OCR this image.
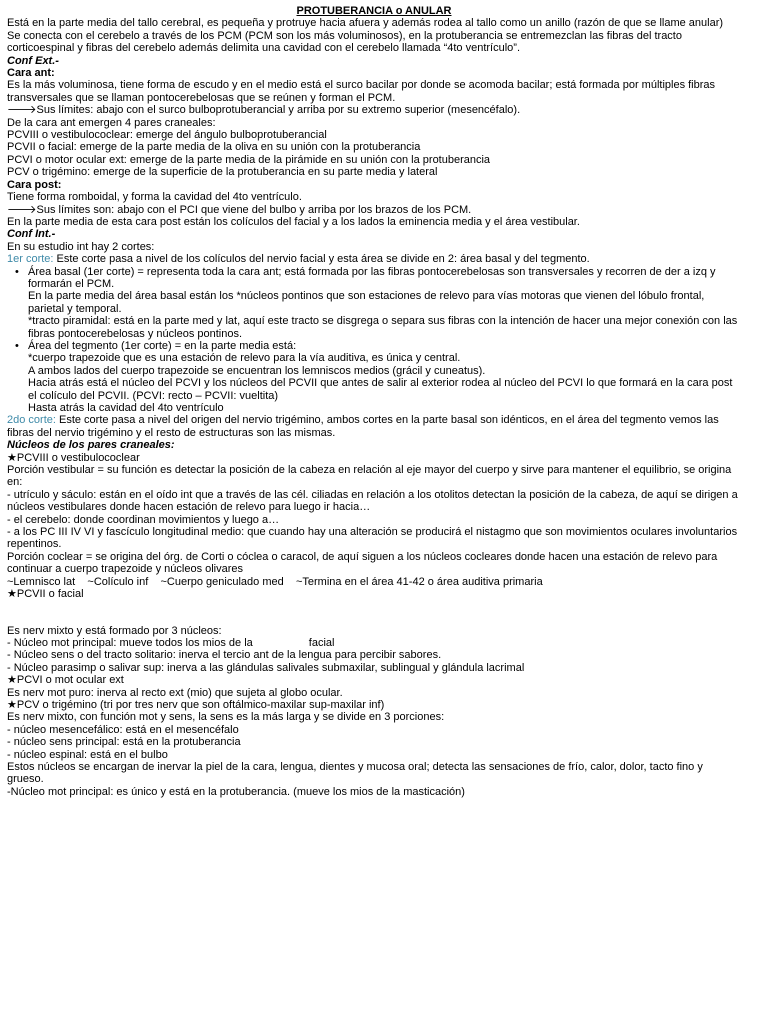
PROTUBERANCIA o ANULAR

Está en la parte media del tallo cerebral, es pequeña y protruye hacia afuera y además rodea al tallo como un anillo (razón de que se llame anular)

Se conecta con el cerebelo a través de los PCM (PCM son los más voluminosos), en la protuberancia se entremezclan las fibras del tracto corticoespinal y fibras del cerebelo además delimita una cavidad con el cerebelo llamada “4to ventrículo”.

Conf Ext.-

Cara ant:

Es la más voluminosa, tiene forma de escudo y en el medio está el surco bacilar por donde se acomoda bacilar; está formada por múltiples fibras transversales que se llaman pontocerebelosas que se reúnen y forman el PCM.

🡒Sus límites: abajo con el surco bulboprotuberancial y arriba por su extremo superior (mesencéfalo).

De la cara ant emergen 4 pares craneales:

PCVIII o vestibulococlear: emerge del ángulo bulboprotuberancial

PCVII o facial: emerge de la parte media de la oliva en su unión con la protuberancia

PCVI o motor ocular ext: emerge de la parte media de la pirámide en su unión con la protuberancia

PCV o trigémino: emerge de la superficie de la protuberancia en su parte media y lateral

Cara post:

Tiene forma romboidal, y forma la cavidad del 4to ventrículo.

🡒Sus límites son: abajo con el PCI que viene del bulbo y arriba por los brazos de los PCM.

En la parte media de esta cara post están los colículos del facial y a los lados la eminencia media y el área vestibular.

Conf Int.-

En su estudio int hay 2 cortes:

1er corte: Este corte pasa a nivel de los colículos del nervio facial y esta área se divide en 2: área basal y del tegmento.

• Área basal (1er corte) = representa toda la cara ant; está formada por las fibras pontocerebelosas son transversales y recorren de der a izq y formarán el PCM.
En la parte media del área basal están los *núcleos pontinos que son estaciones de relevo para vías motoras que vienen del lóbulo frontal, parietal y temporal.
*tracto piramidal: está en la parte med y lat, aquí este tracto se disgrega o separa sus fibras con la intención de hacer una mejor conexión con las fibras pontocerebelosas y núcleos pontinos.
• Área del tegmento (1er corte) = en la parte media está:
*cuerpo trapezoide que es una estación de relevo para la vía auditiva, es única y central.
A ambos lados del cuerpo trapezoide se encuentran los lemniscos medios (grácil y cuneatus).
Hacia atrás está el núcleo del PCVI y los núcleos del PCVII que antes de salir al exterior rodea al núcleo del PCVI lo que formará en la cara post el colículo del PCVII. (PCVI: recto – PCVII: vueltita)
Hasta atrás la cavidad del 4to ventrículo

2do corte: Este corte pasa a nivel del origen del nervio trigémino, ambos cortes en la parte basal son idénticos, en el área del tegmento vemos las fibras del nervio trigémino y el resto de estructuras son las mismas.

Núcleos de los pares craneales:

★PCVIII o vestibulococlear

Porción vestibular = su función es detectar la posición de la cabeza en relación al eje mayor del cuerpo y sirve para mantener el equilibrio, se origina en:

- utrículo y sáculo: están en el oído int que a través de las cél. ciliadas en relación a los otolitos detectan la posición de la cabeza, de aquí se dirigen a núcleos vestibulares donde hacen estación de relevo para luego ir hacia…

- el cerebelo: donde coordinan movimientos y luego a…

- a los PC III IV VI y fascículo longitudinal medio: que cuando hay una alteración se producirá el nistagmo que son movimientos oculares involuntarios repentinos.

Porción coclear = se origina del órg. de Corti o cóclea o caracol, de aquí siguen a los núcleos cocleares donde hacen una estación de relevo para continuar a cuerpo trapezoide y núcleos olivares

~Lemnisco lat ~Colículo inf ~Cuerpo geniculado med ~Termina en el área 41-42 o área auditiva primaria

★PCVII o facial

Es nerv mixto y está formado por 3 núcleos:

- Núcleo mot principal: mueve todos los mios de la	facial

- Núcleo sens o del tracto solitario: inerva el tercio ant de la lengua para percibir sabores.

- Núcleo parasimp o salivar sup: inerva a las glándulas salivales submaxilar, sublingual y glándula lacrimal

★PCVI o mot ocular ext

Es nerv mot puro: inerva al recto ext (mio) que sujeta al globo ocular.

★PCV o trigémino (tri por tres nerv que son oftálmico-maxilar sup-maxilar inf)

Es nerv mixto, con función mot y sens, la sens es la más larga y se divide en 3 porciones:

- núcleo mesencefálico: está en el mesencéfalo

- núcleo sens principal: está en la protuberancia

- núcleo espinal: está en el bulbo

Estos núcleos se encargan de inervar la piel de la cara, lengua, dientes y mucosa oral; detecta las sensaciones de frío, calor, dolor, tacto fino y grueso.

-Núcleo mot principal: es único y está en la protuberancia. (mueve los mios de la masticación)
